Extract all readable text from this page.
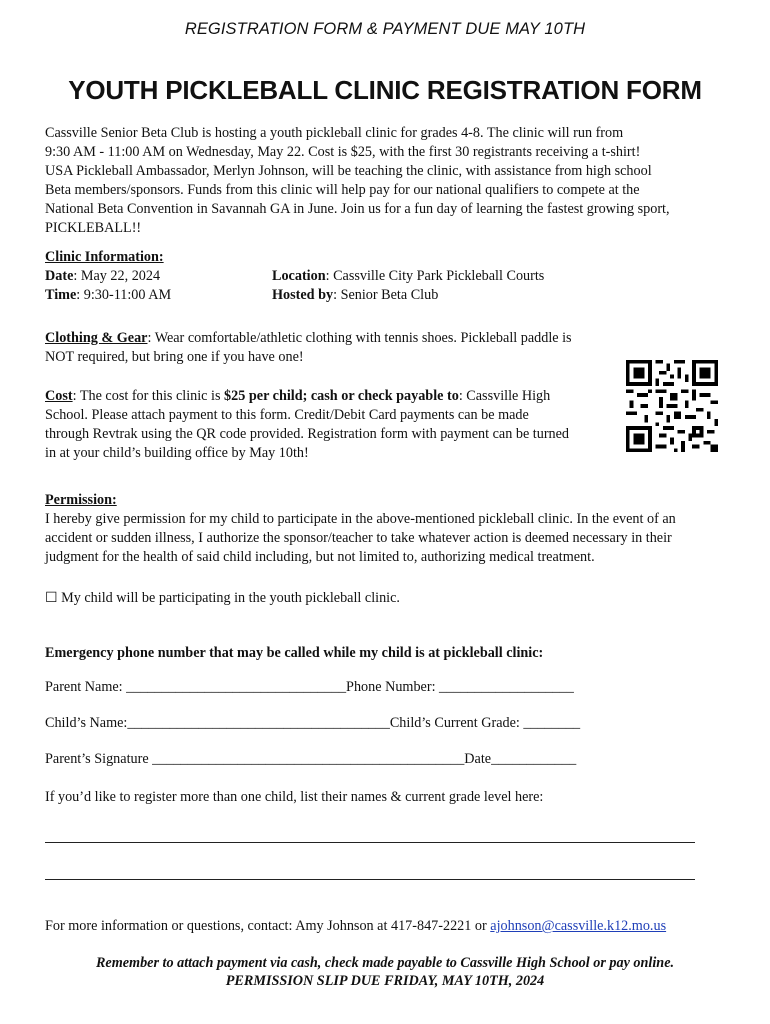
REGISTRATION FORM & PAYMENT DUE MAY 10TH
YOUTH PICKLEBALL CLINIC REGISTRATION FORM
Cassville Senior Beta Club is hosting a youth pickleball clinic for grades 4-8. The clinic will run from
9:30 AM - 11:00 AM on Wednesday, May 22. Cost is $25, with the first 30 registrants receiving a t-shirt!
USA Pickleball Ambassador, Merlyn Johnson, will be teaching the clinic, with assistance from high school
Beta members/sponsors. Funds from this clinic will help pay for our national qualifiers to compete at the
National Beta Convention in Savannah GA in June. Join us for a fun day of learning the fastest growing sport,
PICKLEBALL!!
Clinic Information:
Date: May 22, 2024	Location: Cassville City Park Pickleball Courts
Time: 9:30-11:00 AM	Hosted by: Senior Beta Club
Clothing & Gear: Wear comfortable/athletic clothing with tennis shoes. Pickleball paddle is
NOT required, but bring one if you have one!
Cost: The cost for this clinic is $25 per child; cash or check payable to: Cassville High
School. Please attach payment to this form. Credit/Debit Card payments can be made
through Revtrak using the QR code provided. Registration form with payment can be turned
in at your child’s building office by May 10th!
Permission:
I hereby give permission for my child to participate in the above-mentioned pickleball clinic. In the event of an
accident or sudden illness, I authorize the sponsor/teacher to take whatever action is deemed necessary in their
judgment for the health of said child including, but not limited to, authorizing medical treatment.
☐ My child will be participating in the youth pickleball clinic.
Emergency phone number that may be called while my child is at pickleball clinic:
Parent Name: _______________________________Phone Number: ___________________
Child’s Name:_____________________________________Child’s Current Grade: ________
Parent’s Signature ____________________________________________Date____________
If you’d like to register more than one child, list their names & current grade level here:
For more information or questions, contact: Amy Johnson at 417-847-2221 or ajohnson@cassville.k12.mo.us
Remember to attach payment via cash, check made payable to Cassville High School or pay online.
PERMISSION SLIP DUE FRIDAY, MAY 10TH, 2024
